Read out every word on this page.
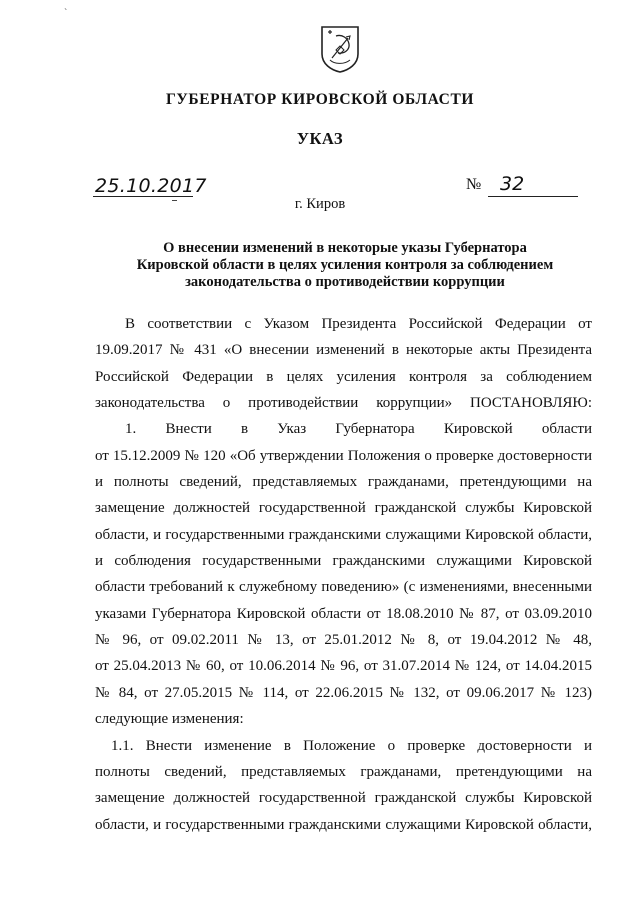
`
ГУБЕРНАТОР КИРОВСКОЙ ОБЛАСТИ
УКАЗ
25.10.2017	№ 32
г. Киров
О внесении изменений в некоторые указы Губернатора
Кировской области в целях усиления контроля за соблюдением
законодательства о противодействии коррупции
В соответствии с Указом Президента Российской Федерации от
19.09.2017 № 431 «О внесении изменений в некоторые акты Президента
Российской Федерации в целях усиления контроля за соблюдением
законодательства о противодействии коррупции» ПОСТАНОВЛЯЮ:
1. Внести в Указ Губернатора Кировской области
от 15.12.2009 № 120 «Об утверждении Положения о проверке достоверности
и полноты сведений, представляемых гражданами, претендующими на
замещение должностей государственной гражданской службы Кировской
области, и государственными гражданскими служащими Кировской области,
и соблюдения государственными гражданскими служащими Кировской
области требований к служебному поведению» (с изменениями, внесенными
указами Губернатора Кировской области от 18.08.2010 № 87, от 03.09.2010
№ 96, от 09.02.2011 № 13, от 25.01.2012 № 8, от 19.04.2012 № 48,
от 25.04.2013 № 60, от 10.06.2014 № 96, от 31.07.2014 № 124, от 14.04.2015
№ 84, от 27.05.2015 № 114, от 22.06.2015 № 132, от 09.06.2017 № 123)
следующие изменения:
1.1. Внести изменение в Положение о проверке достоверности и
полноты сведений, представляемых гражданами, претендующими на
замещение должностей государственной гражданской службы Кировской
области, и государственными гражданскими служащими Кировской области,
